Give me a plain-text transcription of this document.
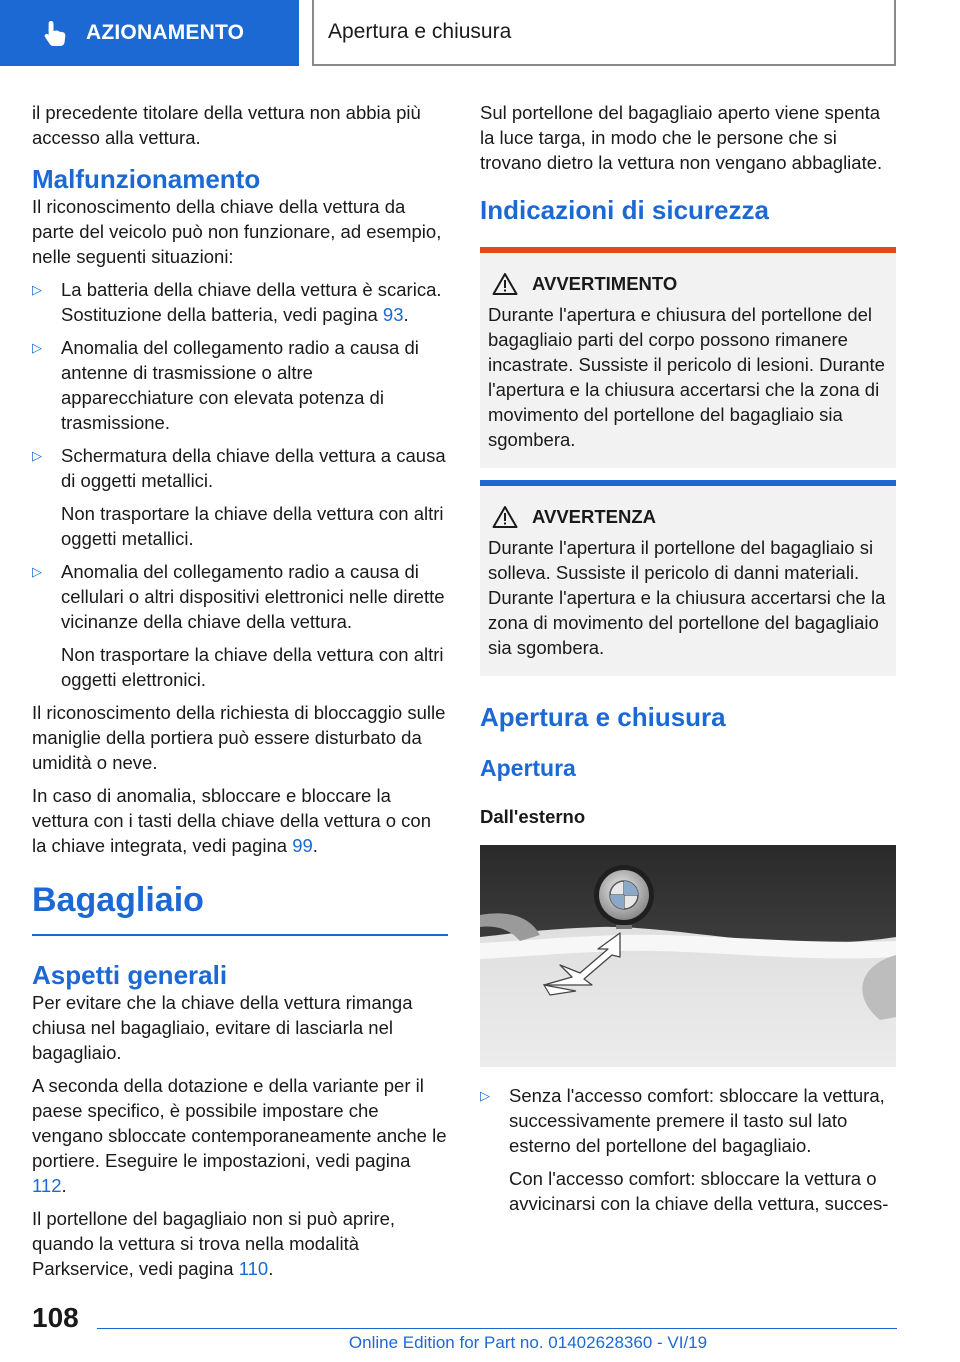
AZIONAMENTO	Apertura e chiusura

il precedente titolare della vettura non abbia più accesso alla vettura.

Malfunzionamento

Il riconoscimento della chiave della vettura da parte del veicolo può non funzionare, ad esempio, nelle seguenti situazioni:

▷ La batteria della chiave della vettura è scarica. Sostituzione della batteria, vedi pagina 93.
▷ Anomalia del collegamento radio a causa di antenne di trasmissione o altre apparecchiature con elevata potenza di trasmissione.
▷ Schermatura della chiave della vettura a causa di oggetti metallici.

Non trasportare la chiave della vettura con altri oggetti metallici.

▷ Anomalia del collegamento radio a causa di cellulari o altri dispositivi elettronici nelle dirette vicinanze della chiave della vettura.

Non trasportare la chiave della vettura con altri oggetti elettronici.

Il riconoscimento della richiesta di bloccaggio sulle maniglie della portiera può essere disturbato da umidità o neve.

In caso di anomalia, sbloccare e bloccare la vettura con i tasti della chiave della vettura o con la chiave integrata, vedi pagina 99.

Bagagliaio
Aspetti generali

Per evitare che la chiave della vettura rimanga chiusa nel bagagliaio, evitare di lasciarla nel bagagliaio.

A seconda della dotazione e della variante per il paese specifico, è possibile impostare che vengano sbloccate contemporaneamente anche le portiere. Eseguire le impostazioni, vedi pagina 112.

Il portellone del bagagliaio non si può aprire, quando la vettura si trova nella modalità Parkservice, vedi pagina 110.

Sul portellone del bagagliaio aperto viene spenta la luce targa, in modo che le persone che si trovano dietro la vettura non vengano abbagliate.

Indicazioni di sicurezza
AVVERTIMENTO

Durante l'apertura e chiusura del portellone del bagagliaio parti del corpo possono rimanere incastrate. Sussiste il pericolo di lesioni. Durante l'apertura e la chiusura accertarsi che la zona di movimento del portellone del bagagliaio sia sgombera.

AVVERTENZA

Durante l'apertura il portellone del bagagliaio si solleva. Sussiste il pericolo di danni materiali. Durante l'apertura e la chiusura accertarsi che la zona di movimento del portellone del bagagliaio sia sgombera.

Apertura e chiusura
Apertura
Dall'esterno
▷ Senza l'accesso comfort: sbloccare la vettura, successivamente premere il tasto sul lato esterno del portellone del bagagliaio.

Con l'accesso comfort: sbloccare la vettura o avvicinarsi con la chiave della vettura, succes-

108
Online Edition for Part no. 01402628360 - VI/19
